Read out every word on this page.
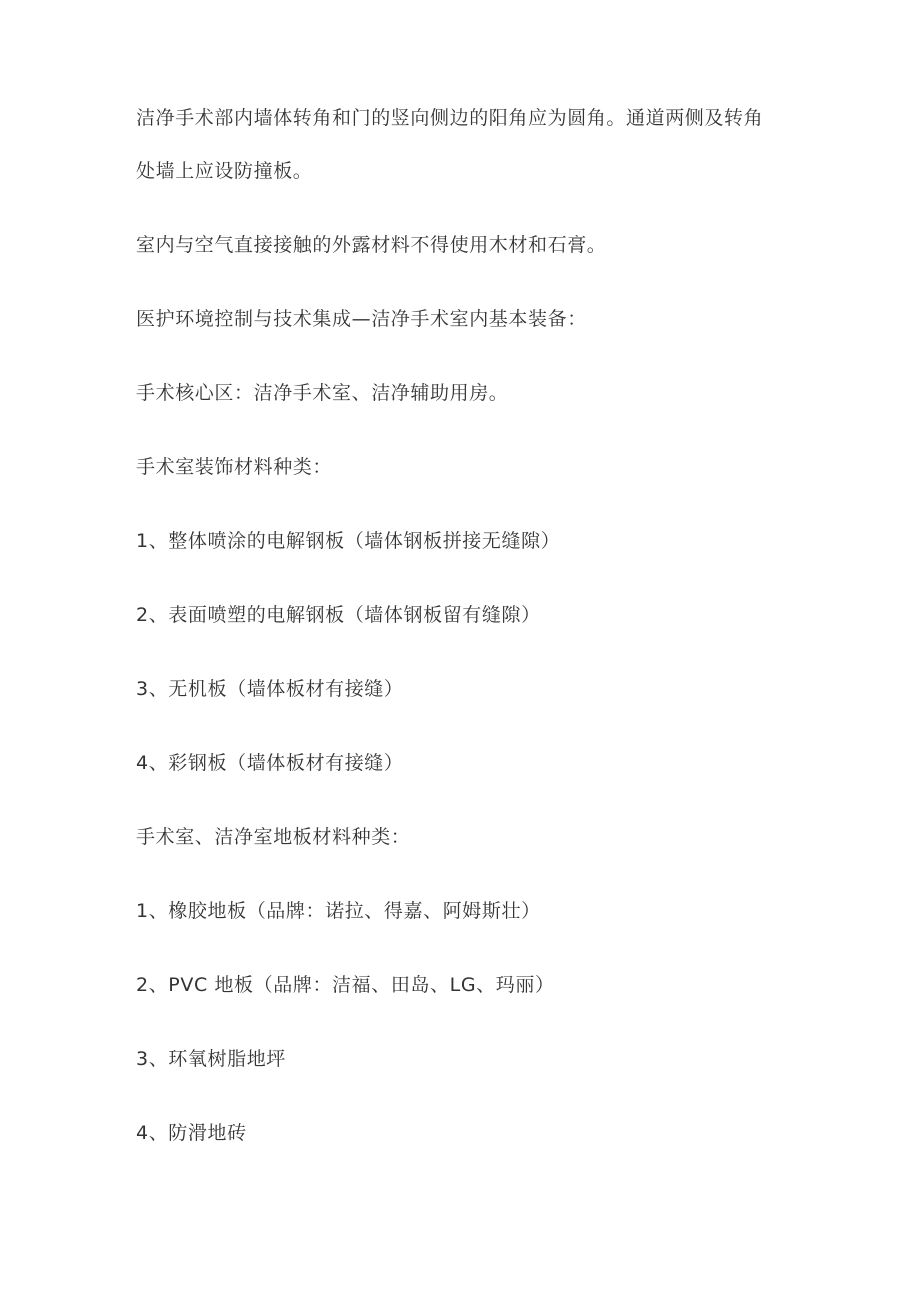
洁净手术部内墙体转角和门的竖向侧边的阳角应为圆角。通道两侧及转角处墙上应设防撞板。

室内与空气直接接触的外露材料不得使用木材和石膏。

医护环境控制与技术集成—洁净手术室内基本装备：

手术核心区：洁净手术室、洁净辅助用房。

手术室装饰材料种类：

1、整体喷涂的电解钢板（墙体钢板拼接无缝隙）

2、表面喷塑的电解钢板（墙体钢板留有缝隙）

3、无机板（墙体板材有接缝）

4、彩钢板（墙体板材有接缝）

手术室、洁净室地板材料种类：

1、橡胶地板（品牌：诺拉、得嘉、阿姆斯壮）

2、PVC 地板（品牌：洁福、田岛、LG、玛丽）

3、环氧树脂地坪

4、防滑地砖
